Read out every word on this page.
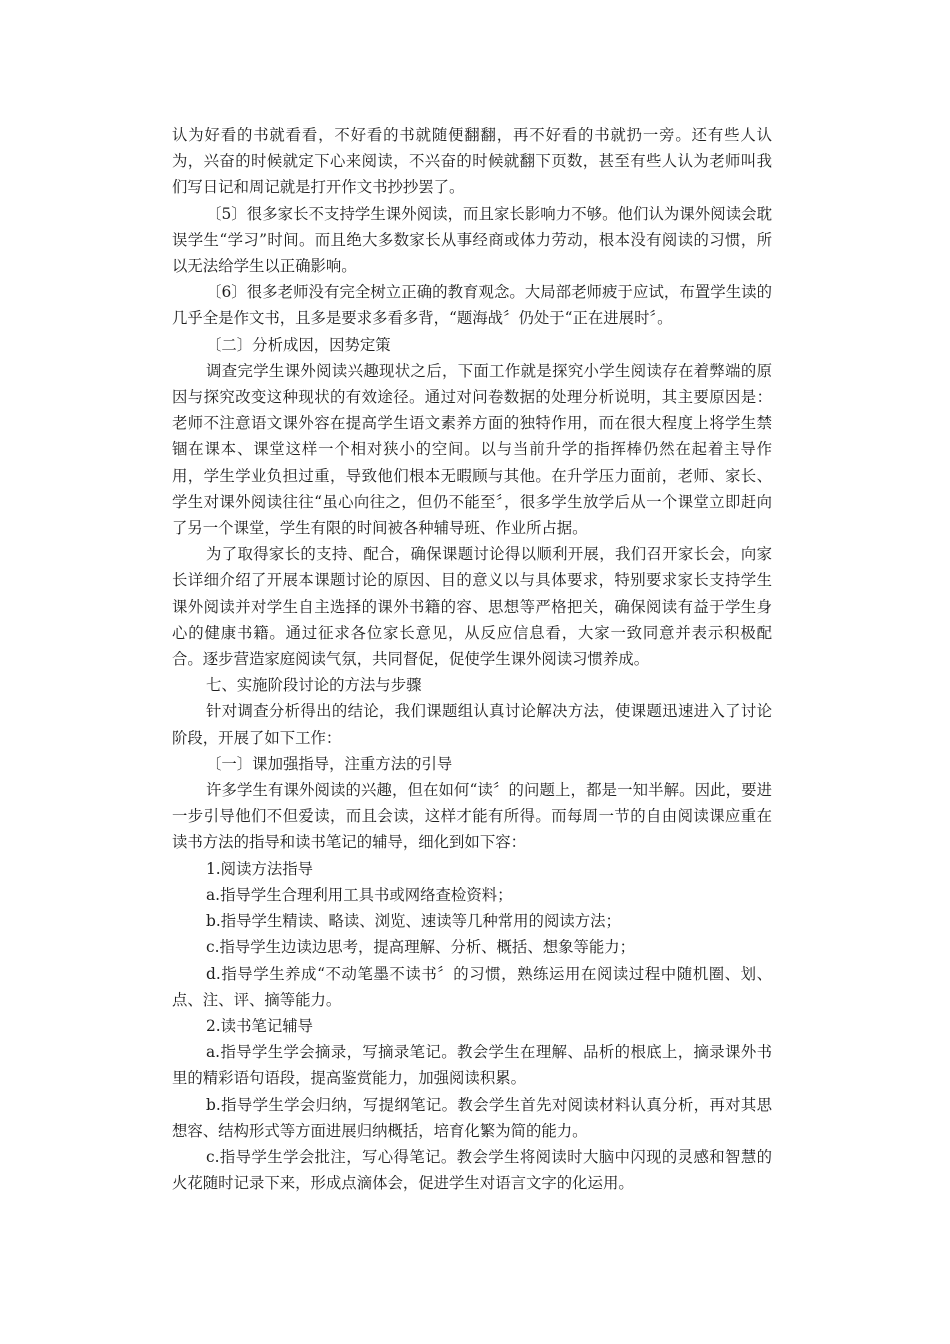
认为好看的书就看看，不好看的书就随便翻翻，再不好看的书就扔一旁。还有些人认为，兴奋的时候就定下心来阅读，不兴奋的时候就翻下页数，甚至有些人认为老师叫我们写日记和周记就是打开作文书抄抄罢了。

〔5〕很多家长不支持学生课外阅读，而且家长影响力不够。他们认为课外阅读会耽误学生“学习”时间。而且绝大多数家长从事经商或体力劳动，根本没有阅读的习惯，所以无法给学生以正确影响。

〔6〕很多老师没有完全树立正确的教育观念。大局部老师疲于应试，布置学生读的几乎全是作文书，且多是要求多看多背，“题海战〞仍处于“正在进展时〞。

〔二〕分析成因，因势定策

调查完学生课外阅读兴趣现状之后，下面工作就是探究小学生阅读存在着弊端的原因与探究改变这种现状的有效途径。通过对问卷数据的处理分析说明，其主要原因是：老师不注意语文课外容在提高学生语文素养方面的独特作用，而在很大程度上将学生禁锢在课本、课堂这样一个相对狭小的空间。以与当前升学的指挥棒仍然在起着主导作用，学生学业负担过重，导致他们根本无暇顾与其他。在升学压力面前，老师、家长、学生对课外阅读往往“虽心向往之，但仍不能至〞，很多学生放学后从一个课堂立即赶向了另一个课堂，学生有限的时间被各种辅导班、作业所占据。

为了取得家长的支持、配合，确保课题讨论得以顺利开展，我们召开家长会，向家长详细介绍了开展本课题讨论的原因、目的意义以与具体要求，特别要求家长支持学生课外阅读并对学生自主选择的课外书籍的容、思想等严格把关，确保阅读有益于学生身心的健康书籍。通过征求各位家长意见，从反应信息看，大家一致同意并表示积极配合。逐步营造家庭阅读气氛，共同督促，促使学生课外阅读习惯养成。

七、实施阶段讨论的方法与步骤

针对调查分析得出的结论，我们课题组认真讨论解决方法，使课题迅速进入了讨论阶段，开展了如下工作：

〔一〕课加强指导，注重方法的引导

许多学生有课外阅读的兴趣，但在如何“读〞的问题上，都是一知半解。因此，要进一步引导他们不但爱读，而且会读，这样才能有所得。而每周一节的自由阅读课应重在读书方法的指导和读书笔记的辅导，细化到如下容：

1.阅读方法指导

a.指导学生合理利用工具书或网络查检资料；

b.指导学生精读、略读、浏览、速读等几种常用的阅读方法；

c.指导学生边读边思考，提高理解、分析、概括、想象等能力；

d.指导学生养成“不动笔墨不读书〞的习惯，熟练运用在阅读过程中随机圈、划、点、注、评、摘等能力。

2.读书笔记辅导

a.指导学生学会摘录，写摘录笔记。教会学生在理解、品析的根底上，摘录课外书里的精彩语句语段，提高鉴赏能力，加强阅读积累。

b.指导学生学会归纳，写提纲笔记。教会学生首先对阅读材料认真分析，再对其思想容、结构形式等方面进展归纳概括，培育化繁为简的能力。

c.指导学生学会批注，写心得笔记。教会学生将阅读时大脑中闪现的灵感和智慧的火花随时记录下来，形成点滴体会，促进学生对语言文字的化运用。
